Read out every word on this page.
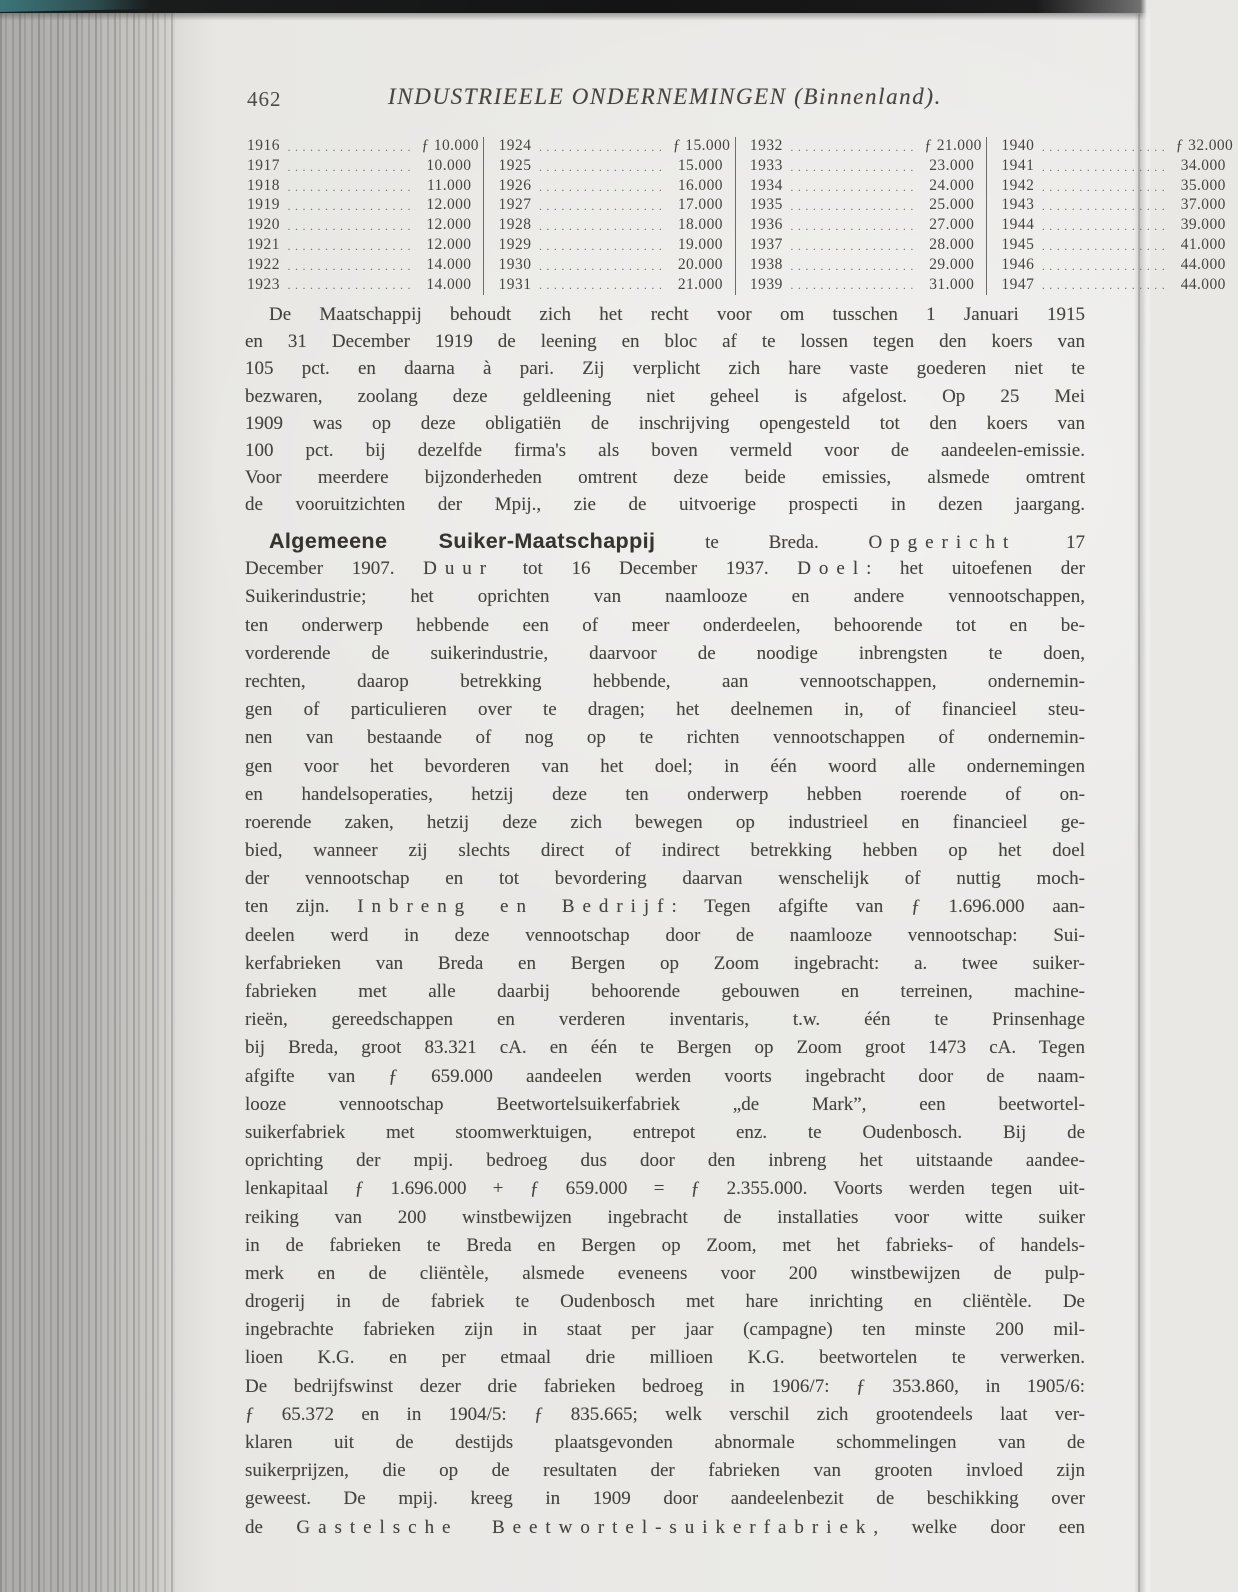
462	INDUSTRIEELE ONDERNEMINGEN (Binnenland).
1916 ·····	ƒ 10.000
1917 ·····	10.000
1918 ·····	11.000
1919 ·····	12.000
1920 ·····	12.000
1921 ·····	12.000
1922 ·····	14.000
1923 ·····	14.000
1924 ·····	ƒ 15.000
1925 ·····	15.000
1926 ·····	16.000
1927 ·····	17.000
1928 ·····	18.000
1929 ·····	19.000
1930 ·····	20.000
1931 ·····	21.000
1932 ·····	ƒ 21.000
1933 ·····	23.000
1934 ·····	24.000
1935 ·····	25.000
1936 ·····	27.000
1937 ·····	28.000
1938 ·····	29.000
1939 ·····	31.000
1940 ·····	ƒ 32.000
1941 ·····	34.000
1942 ·····	35.000
1943 ·····	37.000
1944 ·····	39.000
1945 ·····	41.000
1946 ·····	44.000
1947 ·····	44.000
De Maatschappij behoudt zich het recht voor om tusschen 1 Januari 1915
en 31 December 1919 de leening en bloc af te lossen tegen den koers van
105 pct. en daarna à pari. Zij verplicht zich hare vaste goederen niet te
bezwaren, zoolang deze geldleening niet geheel is afgelost. Op 25 Mei
1909 was op deze obligatiën de inschrijving opengesteld tot den koers van
100 pct. bij dezelfde firma's als boven vermeld voor de aandeelen-emissie.
Voor meerdere bijzonderheden omtrent deze beide emissies, alsmede omtrent
de vooruitzichten der Mpij., zie de uitvoerige prospecti in dezen jaargang.
Algemeene Suiker-Maatschappij te Breda. Opgericht 17
December 1907. Duur tot 16 December 1937. Doel: het uitoefenen der
Suikerindustrie; het oprichten van naamlooze en andere vennootschappen,
ten onderwerp hebbende een of meer onderdeelen, behoorende tot en be-
vorderende de suikerindustrie, daarvoor de noodige inbrengsten te doen,
rechten, daarop betrekking hebbende, aan vennootschappen, ondernemin-
gen of particulieren over te dragen; het deelnemen in, of financieel steu-
nen van bestaande of nog op te richten vennootschappen of ondernemin-
gen voor het bevorderen van het doel; in één woord alle ondernemingen
en handelsoperaties, hetzij deze ten onderwerp hebben roerende of on-
roerende zaken, hetzij deze zich bewegen op industrieel en financieel ge-
bied, wanneer zij slechts direct of indirect betrekking hebben op het doel
der vennootschap en tot bevordering daarvan wenschelijk of nuttig moch-
ten zijn. Inbreng en Bedrijf: Tegen afgifte van ƒ 1.696.000 aan-
deelen werd in deze vennootschap door de naamlooze vennootschap: Sui-
kerfabrieken van Breda en Bergen op Zoom ingebracht: a. twee suiker-
fabrieken met alle daarbij behoorende gebouwen en terreinen, machine-
rieën, gereedschappen en verderen inventaris, t.w. één te Prinsenhage
bij Breda, groot 83.321 cA. en één te Bergen op Zoom groot 1473 cA. Tegen
afgifte van ƒ 659.000 aandeelen werden voorts ingebracht door de naam-
looze vennootschap Beetwortelsuikerfabriek „de Mark”, een beetwortel-
suikerfabriek met stoomwerktuigen, entrepot enz. te Oudenbosch. Bij de
oprichting der mpij. bedroeg dus door den inbreng het uitstaande aandee-
lenkapitaal ƒ 1.696.000 + ƒ 659.000 = ƒ 2.355.000. Voorts werden tegen uit-
reiking van 200 winstbewijzen ingebracht de installaties voor witte suiker
in de fabrieken te Breda en Bergen op Zoom, met het fabrieks- of handels-
merk en de cliëntèle, alsmede eveneens voor 200 winstbewijzen de pulp-
drogerij in de fabriek te Oudenbosch met hare inrichting en cliëntèle. De
ingebrachte fabrieken zijn in staat per jaar (campagne) ten minste 200 mil-
lioen K.G. en per etmaal drie millioen K.G. beetwortelen te verwerken.
De bedrijfswinst dezer drie fabrieken bedroeg in 1906/7: ƒ 353.860, in 1905/6:
ƒ 65.372 en in 1904/5: ƒ 835.665; welk verschil zich grootendeels laat ver-
klaren uit de destijds plaatsgevonden abnormale schommelingen van de
suikerprijzen, die op de resultaten der fabrieken van grooten invloed zijn
geweest. De mpij. kreeg in 1909 door aandeelenbezit de beschikking over
de Gastelsche Beetwortel-suikerfabriek, welke door een
